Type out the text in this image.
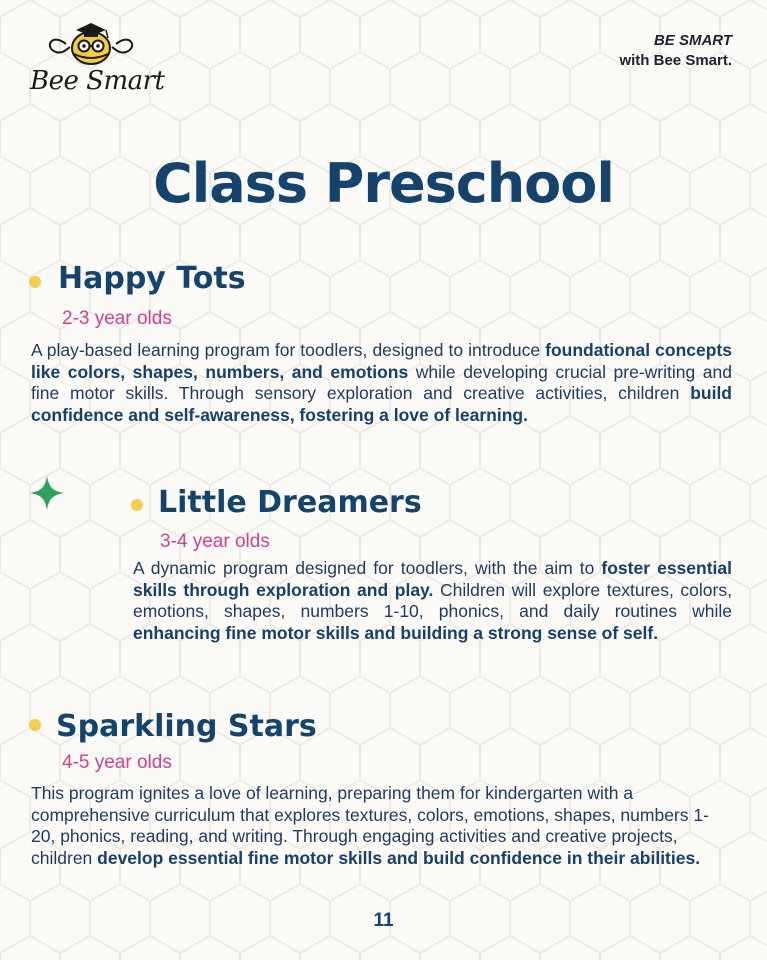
Bee Smart
BE SMART
with Bee Smart.
Class Preschool
Happy Tots
2-3 year olds

A play-based learning program for toodlers, designed to introduce foundational concepts like colors, shapes, numbers, and emotions while developing crucial pre-writing and fine motor skills. Through sensory exploration and creative activities, children build confidence and self-awareness, fostering a love of learning.

Little Dreamers
3-4 year olds

A dynamic program designed for toodlers, with the aim to foster essential skills through exploration and play. Children will explore textures, colors, emotions, shapes, numbers 1-10, phonics, and daily routines while enhancing fine motor skills and building a strong sense of self.

Sparkling Stars
4-5 year olds

This program ignites a love of learning, preparing them for kindergarten with a comprehensive curriculum that explores textures, colors, emotions, shapes, numbers 1-20, phonics, reading, and writing. Through engaging activities and creative projects, children develop essential fine motor skills and build confidence in their abilities.

11
